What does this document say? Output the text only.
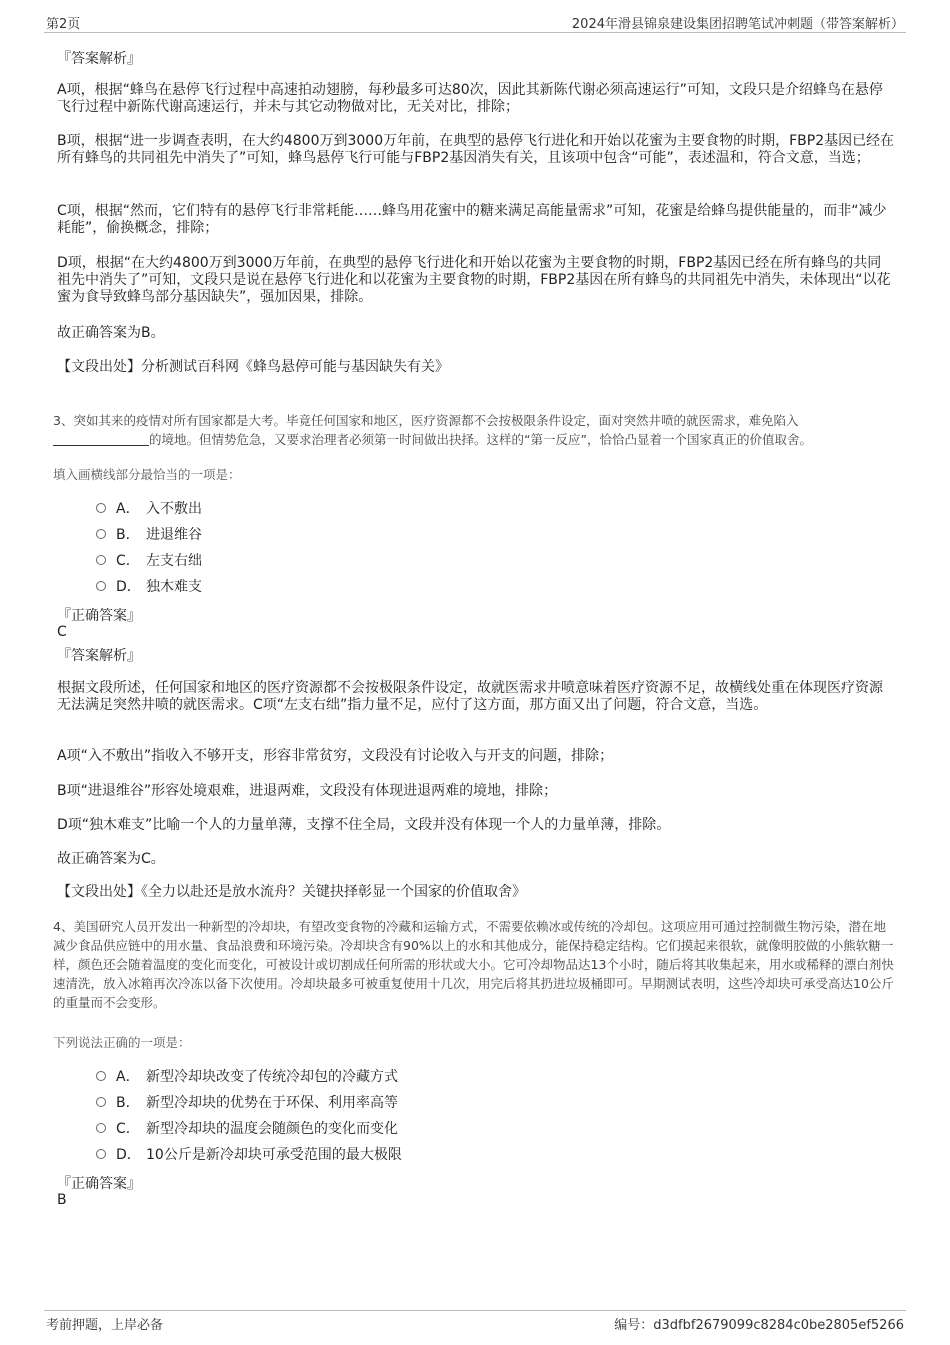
第2页	2024年滑县锦泉建设集团招聘笔试冲刺题（带答案解析）
『答案解析』
A项，根据“蜂鸟在悬停飞行过程中高速拍动翅膀，每秒最多可达80次，因此其新陈代谢必须高速运行”可知，文段只是介绍蜂鸟在悬停飞行过程中新陈代谢高速运行，并未与其它动物做对比，无关对比，排除；
B项，根据“进一步调查表明，在大约4800万到3000万年前，在典型的悬停飞行进化和开始以花蜜为主要食物的时期，FBP2基因已经在所有蜂鸟的共同祖先中消失了”可知，蜂鸟悬停飞行可能与FBP2基因消失有关，且该项中包含“可能”，表述温和，符合文意，当选；
C项，根据“然而，它们特有的悬停飞行非常耗能……蜂鸟用花蜜中的糖来满足高能量需求”可知，花蜜是给蜂鸟提供能量的，而非“减少耗能”，偷换概念，排除；
D项，根据“在大约4800万到3000万年前，在典型的悬停飞行进化和开始以花蜜为主要食物的时期，FBP2基因已经在所有蜂鸟的共同祖先中消失了”可知，文段只是说在悬停飞行进化和以花蜜为主要食物的时期，FBP2基因在所有蜂鸟的共同祖先中消失，未体现出“以花蜜为食导致蜂鸟部分基因缺失”，强加因果，排除。
故正确答案为B。
【文段出处】分析测试百科网《蜂鸟悬停可能与基因缺失有关》
3、突如其来的疫情对所有国家都是大考。毕竟任何国家和地区，医疗资源都不会按极限条件设定，面对突然井喷的就医需求，难免陷入
的境地。但情势危急，又要求治理者必须第一时间做出抉择。这样的“第一反应”，恰恰凸显着一个国家真正的价值取舍。
填入画横线部分最恰当的一项是：
A． 入不敷出
B． 进退维谷
C． 左支右绌
D． 独木难支
『正确答案』
C
『答案解析』
根据文段所述，任何国家和地区的医疗资源都不会按极限条件设定，故就医需求井喷意味着医疗资源不足，故横线处重在体现医疗资源无法满足突然井喷的就医需求。C项“左支右绌”指力量不足，应付了这方面，那方面又出了问题，符合文意，当选。
A项“入不敷出”指收入不够开支，形容非常贫穷，文段没有讨论收入与开支的问题，排除；
B项“进退维谷”形容处境艰难，进退两难，文段没有体现进退两难的境地，排除；
D项“独木难支”比喻一个人的力量单薄，支撑不住全局，文段并没有体现一个人的力量单薄，排除。
故正确答案为C。
【文段出处】《全力以赴还是放水流舟？关键抉择彰显一个国家的价值取舍》
4、美国研究人员开发出一种新型的冷却块，有望改变食物的冷藏和运输方式，不需要依赖冰或传统的冷却包。这项应用可通过控制微生物污染，潜在地减少食品供应链中的用水量、食品浪费和环境污染。冷却块含有90%以上的水和其他成分，能保持稳定结构。它们摸起来很软，就像明胶做的小熊软糖一样，颜色还会随着温度的变化而变化，可被设计或切割成任何所需的形状或大小。它可冷却物品达13个小时，随后将其收集起来，用水或稀释的漂白剂快速清洗，放入冰箱再次冷冻以备下次使用。冷却块最多可被重复使用十几次，用完后将其扔进垃圾桶即可。早期测试表明，这些冷却块可承受高达10公斤的重量而不会变形。
下列说法正确的一项是：
A． 新型冷却块改变了传统冷却包的冷藏方式
B． 新型冷却块的优势在于环保、利用率高等
C． 新型冷却块的温度会随颜色的变化而变化
D． 10公斤是新冷却块可承受范围的最大极限
『正确答案』
B
考前押题，上岸必备	编号：d3dfbf2679099c8284c0be2805ef5266
